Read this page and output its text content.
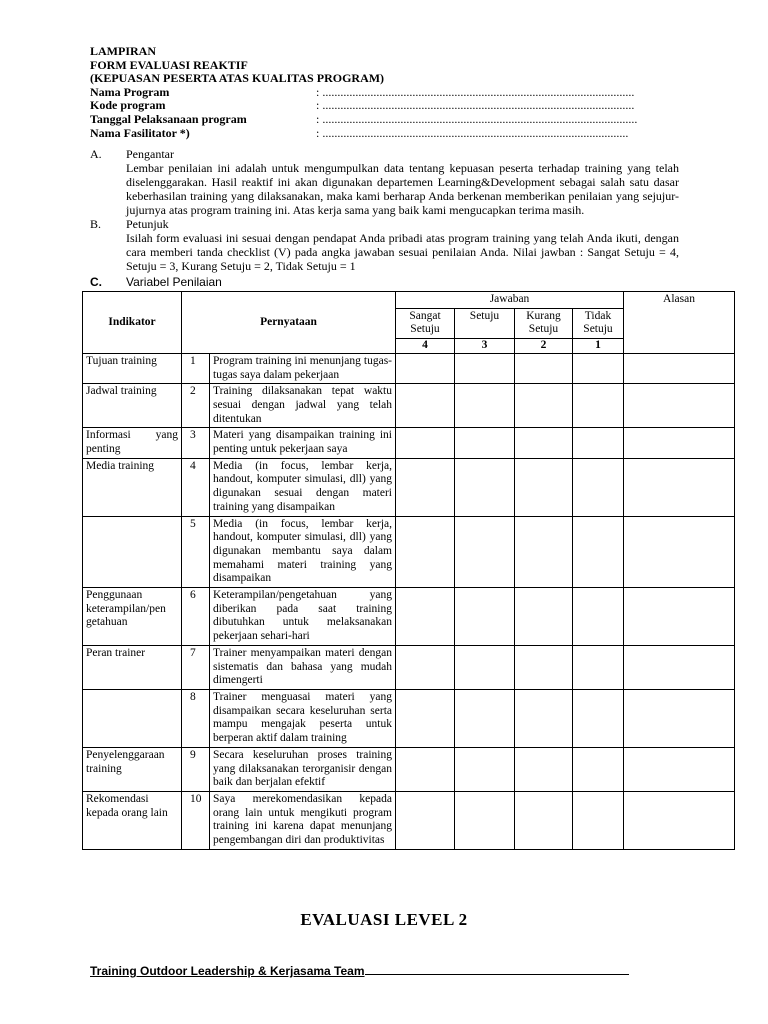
LAMPIRAN
FORM EVALUASI REAKTIF
(KEPUASAN PESERTA ATAS KUALITAS PROGRAM)
Nama Program	: ........................................................................................................
Kode program	: ........................................................................................................
Tanggal Pelaksanaan program	: .........................................................................................................
Nama Fasilitator *)	: ......................................................................................................
A.	Pengantar
Lembar penilaian ini adalah untuk mengumpulkan data tentang kepuasan peserta terhadap training yang telah diselenggarakan. Hasil reaktif ini akan digunakan departemen Learning&Development sebagai salah satu dasar keberhasilan training yang dilaksanakan, maka kami berharap Anda berkenan memberikan penilaian yang sejujur-jujurnya atas program training ini. Atas kerja sama yang baik kami mengucapkan terima masih.
B.	Petunjuk
Isilah form evaluasi ini sesuai dengan pendapat Anda pribadi atas program training yang telah Anda ikuti, dengan cara memberi tanda checklist (V) pada angka jawaban sesuai penilaian Anda. Nilai jawban : Sangat Setuju = 4, Setuju = 3, Kurang Setuju = 2, Tidak Setuju = 1
C.	Variabel Penilaian
Indikator	Pernyataan		Jawaban				Alasan
			Sangat Setuju	Setuju	Kurang Setuju	Tidak Setuju	
			4	3	2	1	
Tujuan training	1	Program training ini menunjang tugas-tugas saya dalam pekerjaan					
Jadwal training	2	Training dilaksanakan tepat waktu sesuai dengan jadwal yang telah ditentukan					
Informasi yang penting	3	Materi yang disampaikan training ini penting untuk pekerjaan saya					
Media training	4	Media (in focus, lembar kerja, handout, komputer simulasi, dll) yang digunakan sesuai dengan materi training yang disampaikan					
	5	Media (in focus, lembar kerja, handout, komputer simulasi, dll) yang digunakan membantu saya dalam memahami materi training yang disampaikan					
Penggunaan keterampilan/pen getahuan	6	Keterampilan/pengetahuan yang diberikan pada saat training dibutuhkan untuk melaksanakan pekerjaan sehari-hari					
Peran trainer	7	Trainer menyampaikan materi dengan sistematis dan bahasa yang mudah dimengerti					
	8	Trainer menguasai materi yang disampaikan secara keseluruhan serta mampu mengajak peserta untuk berperan aktif dalam training					
Penyelenggaraan training	9	Secara keseluruhan proses training yang dilaksanakan terorganisir dengan baik dan berjalan efektif					
Rekomendasi kepada orang lain	10	Saya merekomendasikan kepada orang lain untuk mengikuti program training ini karena dapat menunjang pengembangan diri dan produktivitas					
EVALUASI LEVEL 2
Training Outdoor Leadership & Kerjasama Team
